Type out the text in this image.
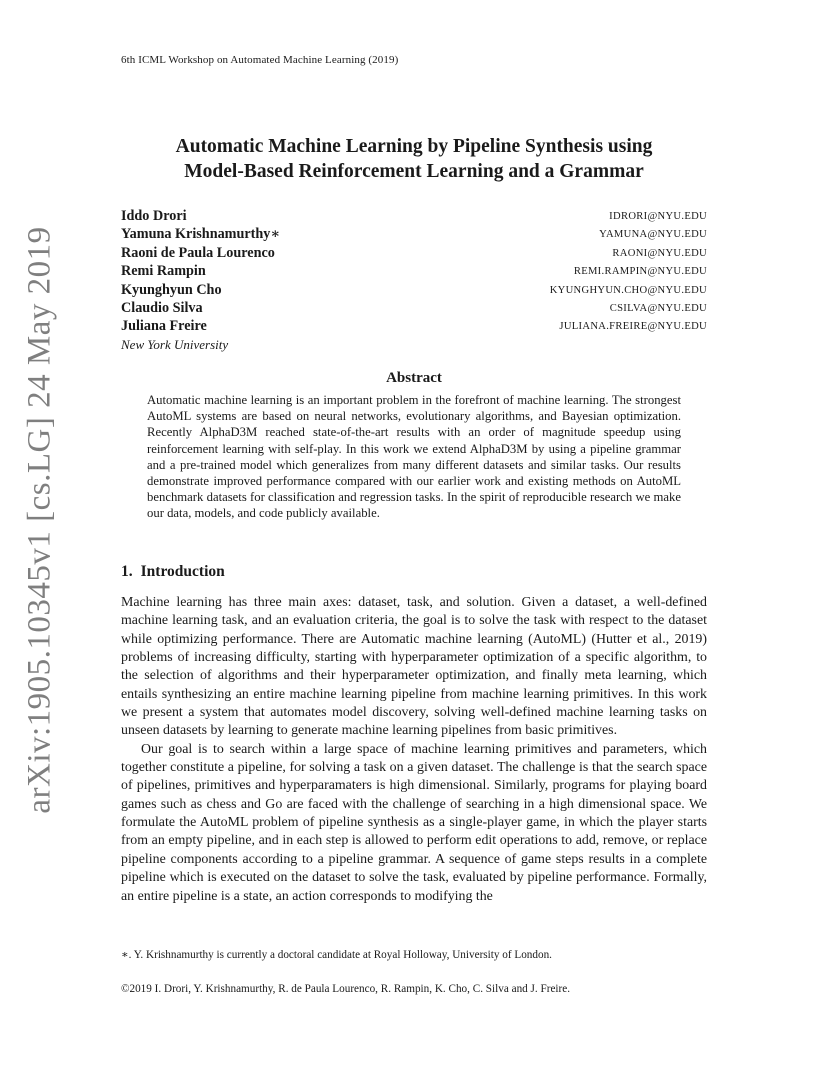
6th ICML Workshop on Automated Machine Learning (2019)
Automatic Machine Learning by Pipeline Synthesis using
Model-Based Reinforcement Learning and a Grammar
Iddo Drori	IDRORI@NYU.EDU
Yamuna Krishnamurthy∗	YAMUNA@NYU.EDU
Raoni de Paula Lourenco	RAONI@NYU.EDU
Remi Rampin	REMI.RAMPIN@NYU.EDU
Kyunghyun Cho	KYUNGHYUN.CHO@NYU.EDU
Claudio Silva	CSILVA@NYU.EDU
Juliana Freire	JULIANA.FREIRE@NYU.EDU
New York University
Abstract
Automatic machine learning is an important problem in the forefront of machine learning. The strongest AutoML systems are based on neural networks, evolutionary algorithms, and Bayesian optimization. Recently AlphaD3M reached state-of-the-art results with an order of magnitude speedup using reinforcement learning with self-play. In this work we extend AlphaD3M by using a pipeline grammar and a pre-trained model which generalizes from many different datasets and similar tasks. Our results demonstrate improved performance compared with our earlier work and existing methods on AutoML benchmark datasets for classification and regression tasks. In the spirit of reproducible research we make our data, models, and code publicly available.
1. Introduction

Machine learning has three main axes: dataset, task, and solution. Given a dataset, a well-defined machine learning task, and an evaluation criteria, the goal is to solve the task with respect to the dataset while optimizing performance. There are Automatic machine learning (AutoML) (Hutter et al., 2019) problems of increasing difficulty, starting with hyperparameter optimization of a specific algorithm, to the selection of algorithms and their hyperparameter optimization, and finally meta learning, which entails synthesizing an entire machine learning pipeline from machine learning primitives. In this work we present a system that automates model discovery, solving well-defined machine learning tasks on unseen datasets by learning to generate machine learning pipelines from basic primitives.

Our goal is to search within a large space of machine learning primitives and parameters, which together constitute a pipeline, for solving a task on a given dataset. The challenge is that the search space of pipelines, primitives and hyperparamaters is high dimensional. Similarly, programs for playing board games such as chess and Go are faced with the challenge of searching in a high dimensional space. We formulate the AutoML problem of pipeline synthesis as a single-player game, in which the player starts from an empty pipeline, and in each step is allowed to perform edit operations to add, remove, or replace pipeline components according to a pipeline grammar. A sequence of game steps results in a complete pipeline which is executed on the dataset to solve the task, evaluated by pipeline performance. Formally, an entire pipeline is a state, an action corresponds to modifying the

∗. Y. Krishnamurthy is currently a doctoral candidate at Royal Holloway, University of London.
©2019 I. Drori, Y. Krishnamurthy, R. de Paula Lourenco, R. Rampin, K. Cho, C. Silva and J. Freire.
arXiv:1905.10345v1 [cs.LG] 24 May 2019
